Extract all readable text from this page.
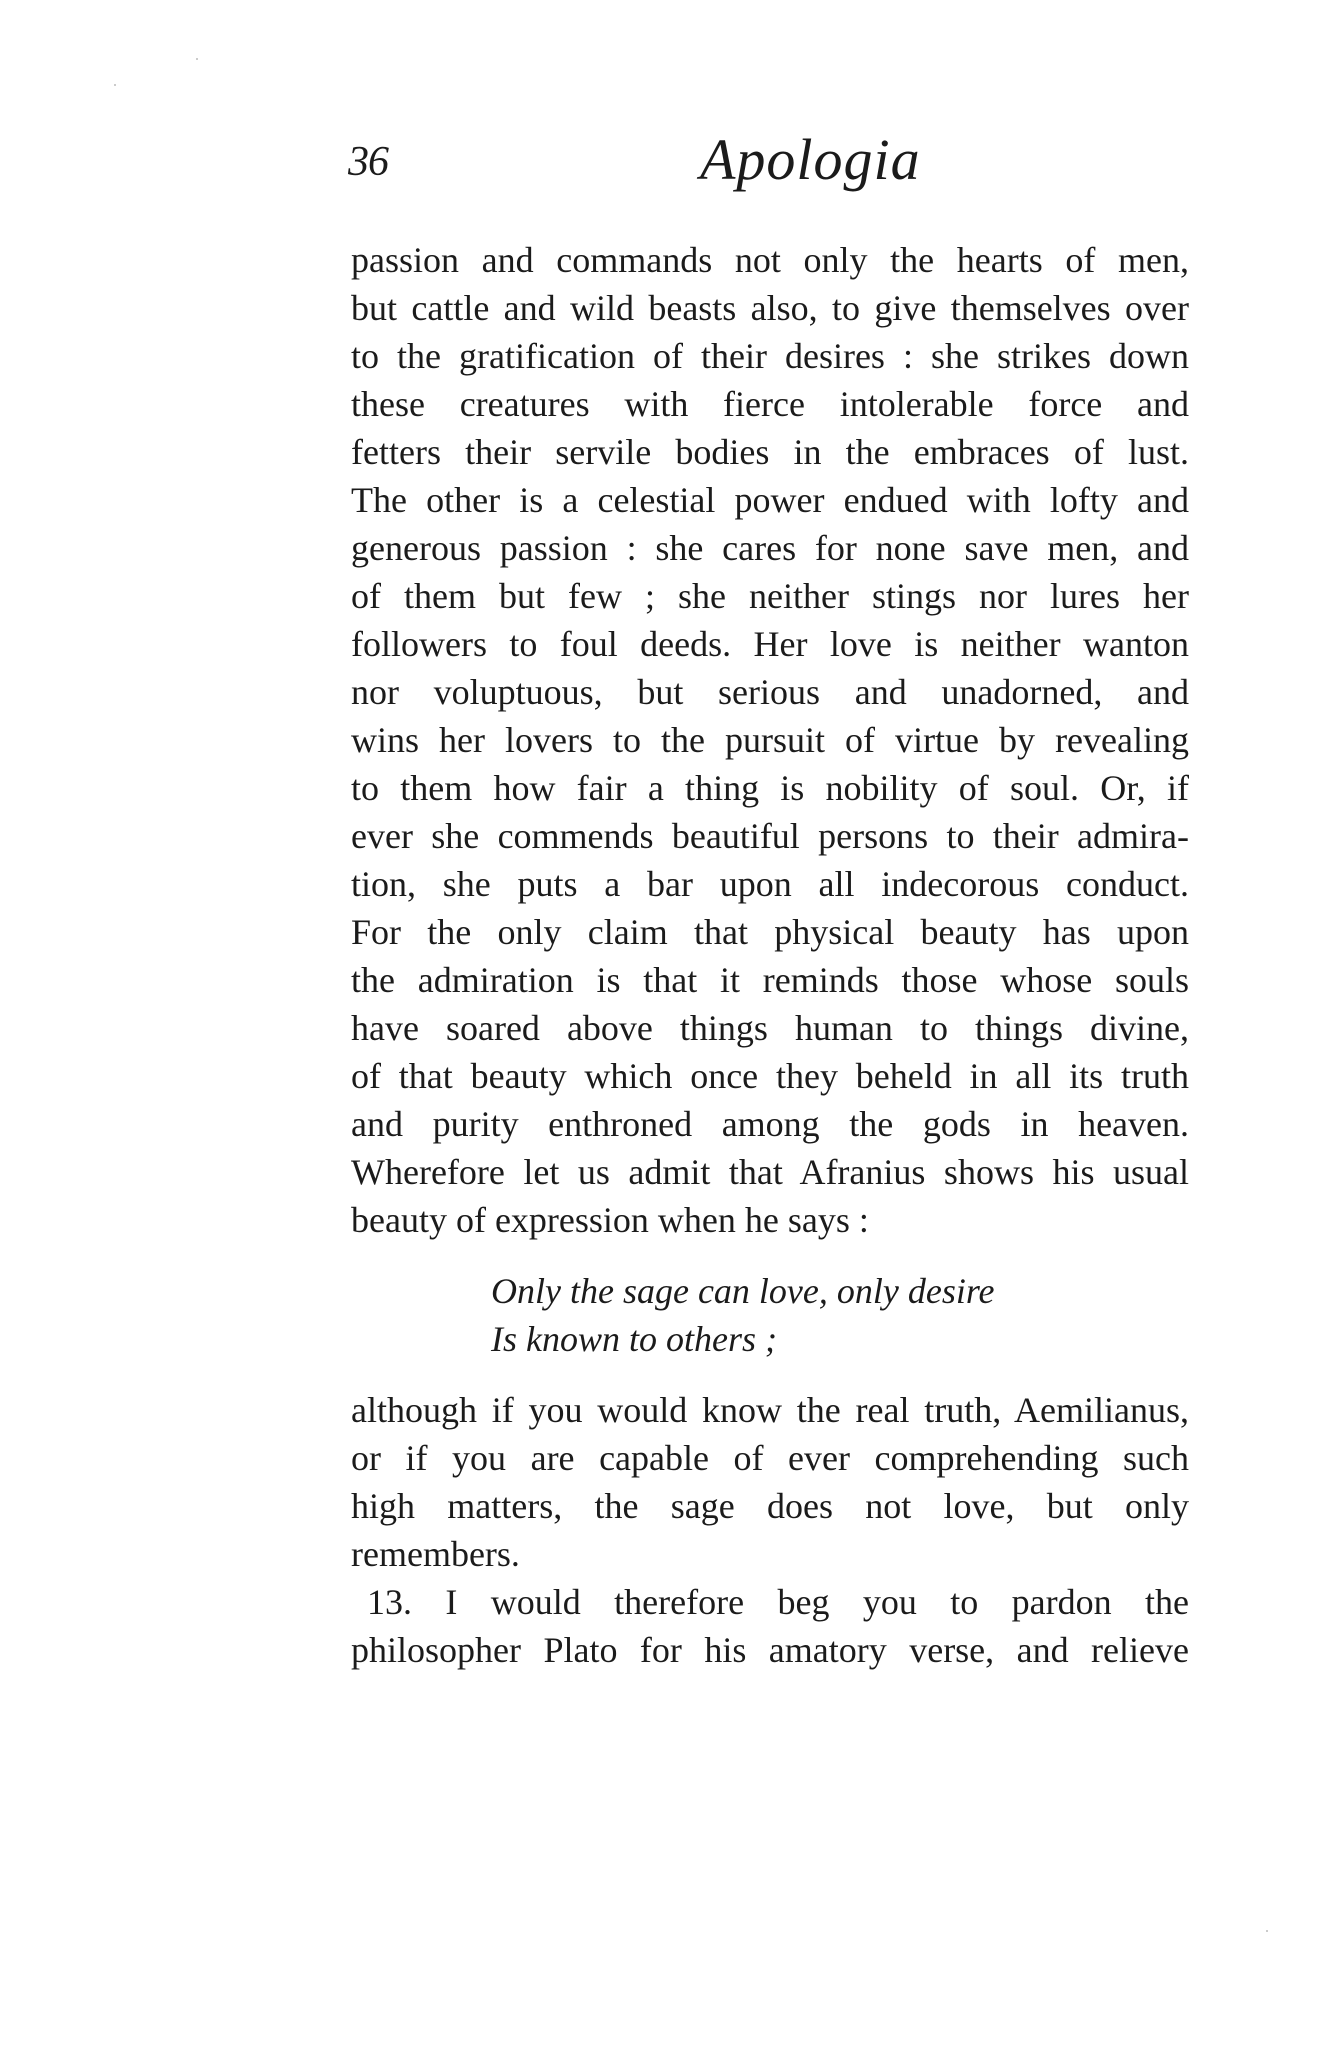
36	Apologia
passion and commands not only the hearts of men,
but cattle and wild beasts also, to give themselves over
to the gratification of their desires : she strikes down
these creatures with fierce intolerable force and
fetters their servile bodies in the embraces of lust.
The other is a celestial power endued with lofty and
generous passion : she cares for none save men, and
of them but few ; she neither stings nor lures her
followers to foul deeds. Her love is neither wanton
nor voluptuous, but serious and unadorned, and
wins her lovers to the pursuit of virtue by revealing
to them how fair a thing is nobility of soul. Or, if
ever she commends beautiful persons to their admira-
tion, she puts a bar upon all indecorous conduct.
For the only claim that physical beauty has upon
the admiration is that it reminds those whose souls
have soared above things human to things divine,
of that beauty which once they beheld in all its truth
and purity enthroned among the gods in heaven.
Wherefore let us admit that Afranius shows his usual
beauty of expression when he says :
although if you would know the real truth, Aemilianus,
or if you are capable of ever comprehending such
high matters, the sage does not love, but only
remembers.
13. I would therefore beg you to pardon the
philosopher Plato for his amatory verse, and relieve
Only the sage can love, only desire
Is known to others ;
